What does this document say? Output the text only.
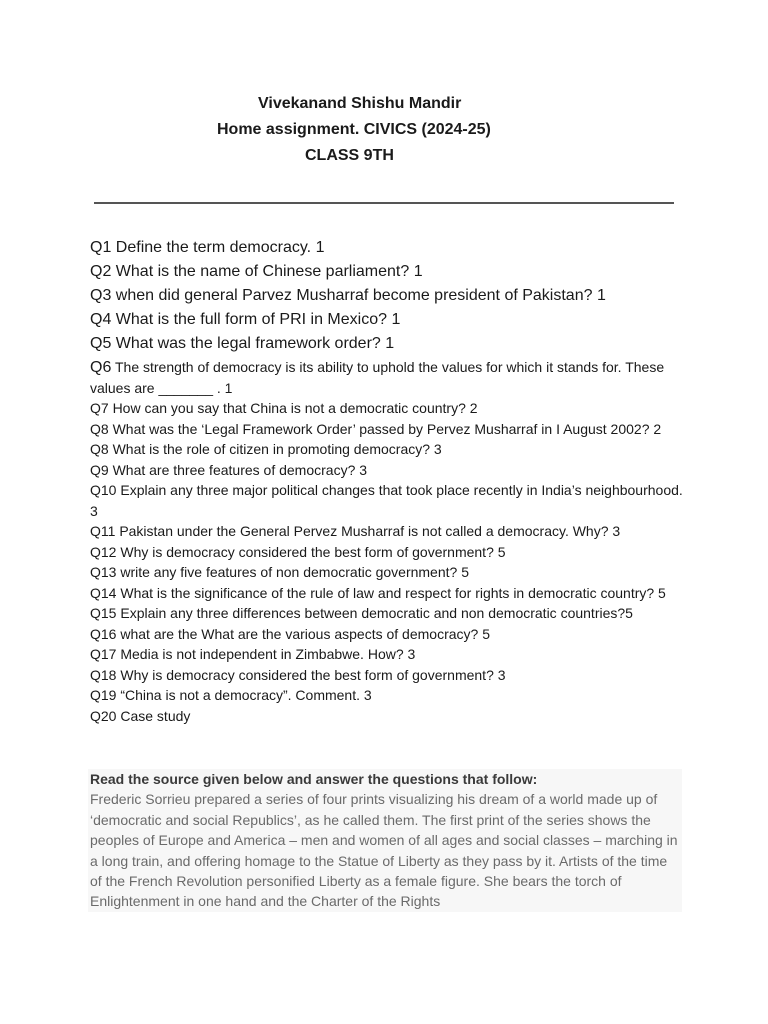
Vivekanand Shishu Mandir
Home assignment. CIVICS (2024-25)
CLASS 9TH
Q1 Define the term democracy. 1
Q2 What is the name of Chinese parliament? 1
Q3 when did general Parvez Musharraf become president of Pakistan? 1
Q4 What is the full form of PRI in Mexico? 1
Q5 What was the legal framework order? 1
Q6 The strength of democracy is its ability to uphold the values for which it stands for. These values are _______ . 1
Q7 How can you say that China is not a democratic country? 2
Q8 What was the ‘Legal Framework Order’ passed by Pervez Musharraf in I August 2002? 2
Q8 What is the role of citizen in promoting democracy? 3
Q9 What are three features of democracy? 3
Q10 Explain any three major political changes that took place recently in India’s neighbourhood. 3
Q11 Pakistan under the General Pervez Musharraf is not called a democracy. Why? 3
Q12 Why is democracy considered the best form of government? 5
Q13 write any five features of non democratic government? 5
Q14 What is the significance of the rule of law and respect for rights in democratic country? 5
Q15 Explain any three differences between democratic and non democratic countries?5
Q16 what are the What are the various aspects of democracy? 5
Q17 Media is not independent in Zimbabwe. How? 3
Q18 Why is democracy considered the best form of government? 3
Q19 “China is not a democracy”. Comment. 3
Q20 Case study
Read the source given below and answer the questions that follow:
Frederic Sorrieu prepared a series of four prints visualizing his dream of a world made up of ‘democratic and social Republics’, as he called them. The first print of the series shows the peoples of Europe and America – men and women of all ages and social classes – marching in a long train, and offering homage to the Statue of Liberty as they pass by it. Artists of the time of the French Revolution personified Liberty as a female figure. She bears the torch of Enlightenment in one hand and the Charter of the Rights
